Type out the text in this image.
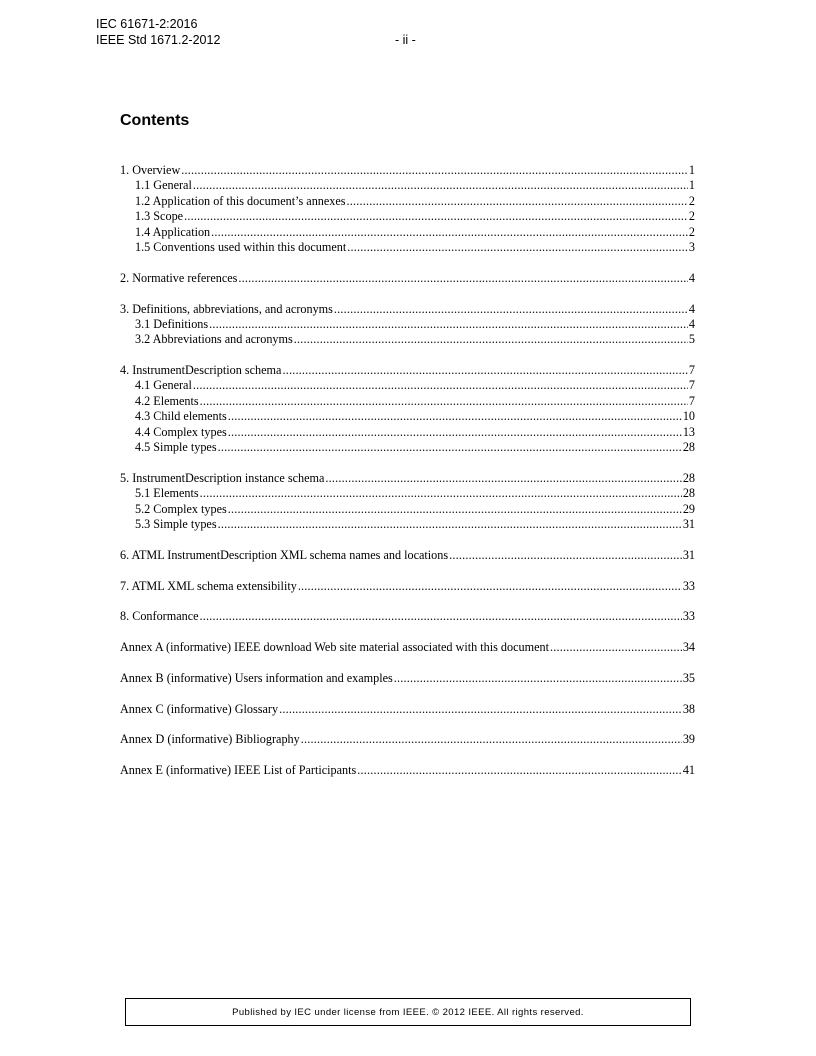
IEC 61671-2:2016
IEEE Std 1671.2-2012	- ii -
Contents
1. Overview .....	1
1.1 General .....	1
1.2 Application of this document’s annexes .....	2
1.3 Scope .....	2
1.4 Application .....	2
1.5 Conventions used within this document .....	3
2. Normative references .....	4
3. Definitions, abbreviations, and acronyms .....	4
3.1 Definitions .....	4
3.2 Abbreviations and acronyms .....	5
4. InstrumentDescription schema .....	7
4.1 General .....	7
4.2 Elements .....	7
4.3 Child elements .....	10
4.4 Complex types .....	13
4.5 Simple types .....	28
5. InstrumentDescription instance schema .....	28
5.1 Elements .....	28
5.2 Complex types .....	29
5.3 Simple types .....	31
6. ATML InstrumentDescription XML schema names and locations .....	31
7. ATML XML schema extensibility .....	33
8. Conformance .....	33
Annex A (informative) IEEE download Web site material associated with this document .....	34
Annex B (informative) Users information and examples .....	35
Annex C (informative) Glossary .....	38
Annex D (informative) Bibliography .....	39
Annex E (informative) IEEE List of Participants .....	41
Published by IEC under license from IEEE. © 2012 IEEE. All rights reserved.
